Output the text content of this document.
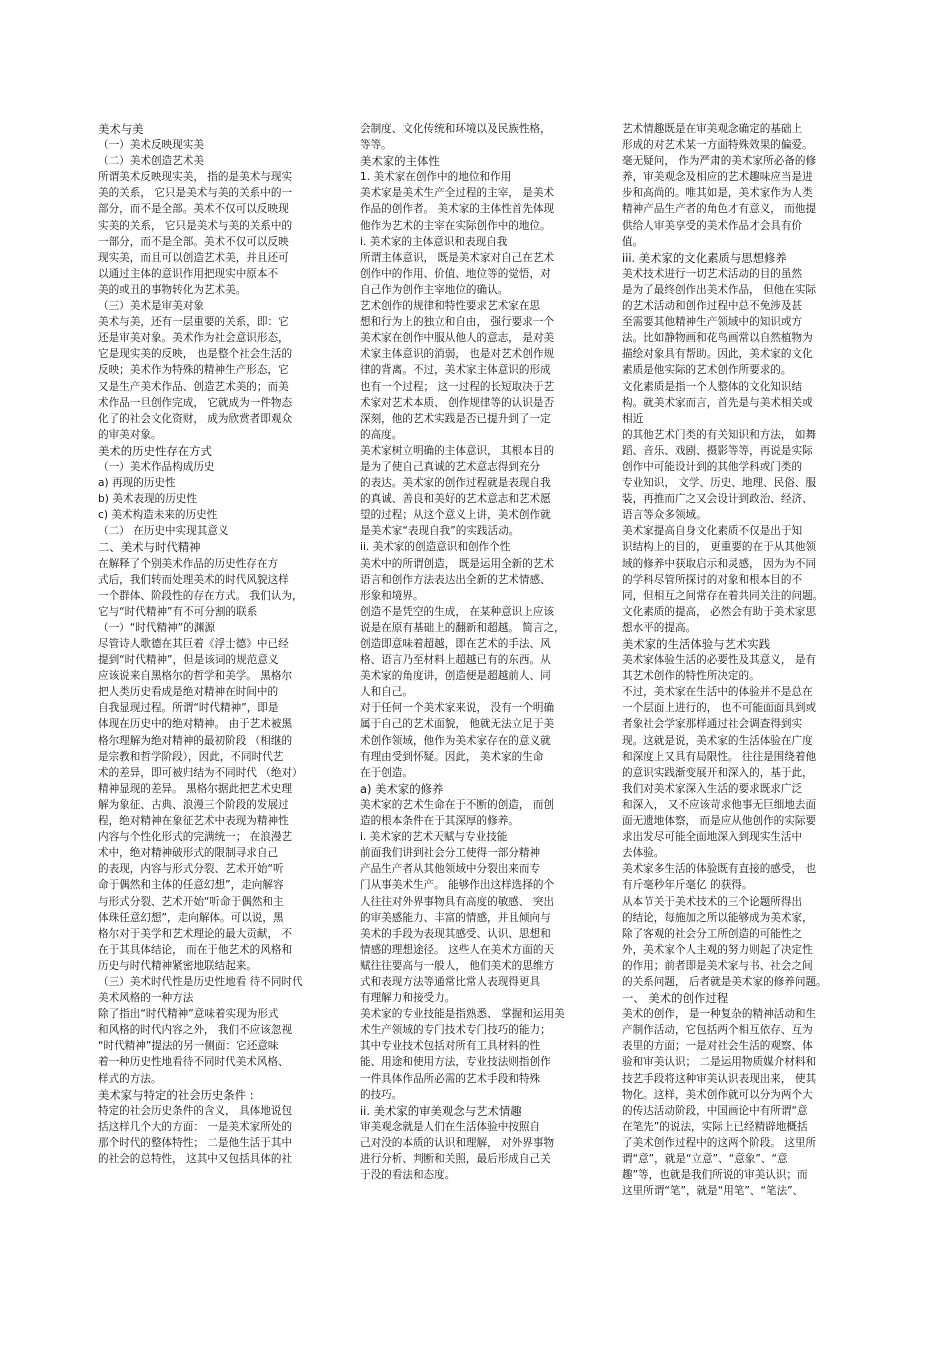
美术与美
（一）美术反映现实美
（二）美术创造艺术美
所谓美术反映现实美， 指的是美术与现实
美的关系， 它只是美术与美的关系中的一
部分，而不是全部。美术不仅可以反映现
实美的关系， 它只是美术与美的关系中的
一部分，而不是全部。美术不仅可以反映
现实美，而且可以创造艺术美，并且还可
以通过主体的意识作用把现实中原本不
美的或丑的事物转化为艺术美。
（三）美术是审美对象
美术与美，还有一层重要的关系，即：它
还是审美对象。美术作为社会意识形态，
它是现实美的反映， 也是整个社会生活的
反映；美术作为特殊的精神生产形态，它
又是生产美术作品、创造艺术美的；而美
术作品一旦创作完成， 它就成为一件物态
化了的社会文化资财， 成为欣赏者即观众
的审美对象。
美术的历史性存在方式
（一）美术作品构成历史
a) 再现的历史性
b) 美术表现的历史性
c) 美术构造未来的历史性
（二） 在历史中实现其意义
二、美术与时代精神
在解释了个别美术作品的历史性存在方
式后，我们转而处理美术的时代风貌这样
一个群体、阶段性的存在方式。 我们认为，
它与“时代精神”有不可分割的联系
（一）“时代精神”的渊源
尽管诗人歌德在其巨着《浮士德》中已经
提到“时代精神”，但是该词的规范意义
应该说来自黑格尔的哲学和美学。 黑格尔
把人类历史看成是绝对精神在时间中的
自我显现过程。所谓“时代精神”，即是
体现在历史中的绝对精神。 由于艺术被黑
格尔理解为绝对精神的最初阶段 （相继的
是宗教和哲学阶段），因此，不同时代艺
术的差异，即可被归结为不同时代 （绝对）
精神显现的差异。 黑格尔据此把艺术史理
解为象征、古典、浪漫三个阶段的发展过
程，绝对精神在象征艺术中表现为精神性
内容与个性化形式的完满统一； 在浪漫艺
术中，绝对精神破形式的限制寻求自己
的表现，内容与形式分裂、艺术开始“听
命于偶然和主体的任意幻想”，走向解容
与形式分裂、艺术开始“听命于偶然和主
体珠任意幻想”，走向解体。可以说，黑
格尔对于美学和艺术理论的最大贡献， 不
在于其具体结论， 而在于他艺术的风格和
历史与时代精神紧密地联结起来。
（三）美术时代性是历史性地看 待不同时代
美术风格的一种方法
除了指出“时代精神”意味着实现为形式
和风格的时代内容之外， 我们不应该忽视
“时代精神”提法的另一侧面：它还意味
着一种历史性地看待不同时代美术风格、
样式的方法。
美术家与特定的社会历史条件 :
特定的社会历史条件的含义， 具体地说包
括这样几个大的方面： 一是美术家所处的
那个时代的整体特性； 二是他生活于其中
的社会的总特性， 这其中又包括具体的社
会制度、文化传统和环境以及民族性格，
等等。
美术家的主体性
1. 美术家在创作中的地位和作用
美术家是美术生产全过程的主宰， 是美术
作品的创作者。 美术家的主体性首先体现
他作为艺术的主宰在实际创作中的地位。
i. 美术家的主体意识和表现自我
所谓主体意识， 既是美术家对自己在艺术
创作中的作用、价值、地位等的觉悟，对
自己作为创作主宰地位的确认。
艺术创作的规律和特性要求艺术家在思
想和行为上的独立和自由， 强行要求一个
美术家在创作中服从他人的意志， 是对美
术家主体意识的消弱， 也是对艺术创作规
律的背离。不过，美术家主体意识的形成
也有一个过程； 这一过程的长短取决于艺
术家对艺术本质、 创作规律等的认识是否
深刻，他的艺术实践是否已提升到了一定
的高度。
美术家树立明确的主体意识， 其根本目的
是为了使自己真诚的艺术意志得到充分
的表达。美术家的创作过程就是表现自我
的真诚、善良和美好的艺术意志和艺术愿
望的过程；从这个意义上讲，美术创作就
是美术家“表现自我”的实践活动。
ii. 美术家的创造意识和创作个性
美术中的所谓创造， 既是运用全新的艺术
语言和创作方法表达出全新的艺术情感、
形象和境界。
创造不是凭空的生成， 在某种意识上应该
说是在原有基础上的翻新和超越。 简言之，
创造即意味着超越，即在艺术的手法、风
格、语言乃至材料上超越已有的东西。从
美术家的角度讲，创造便是超越前人、同
人和自己。
对于任何一个美术家来说， 没有一个明确
属于自己的艺术面貌， 他就无法立足于美
术创作领域，他作为美术家存在的意义就
有理由受到怀疑。因此， 美术家的生命
在于创造。
a) 美术家的修养
美术家的艺术生命在于不断的创造， 而创
造的根本条件在于其深厚的修养。
i. 美术家的艺术天赋与专业技能
前面我们讲到社会分工使得一部分精神
产品生产者从其他领域中分裂出来而专
门从事美术生产。 能够作出这样选择的个
人往往对外界事物具有高度的敏感、 突出
的审美感能力、丰富的情感，并且倾向与
美术的手段为表现其感受、认识、思想和
情感的理想途径。 这些人在美术方面的天
赋往往要高与一般人， 他们美术的思维方
式和表现方法等通常比常人表现得更具
有理解力和接受力。
美术家的专业技能是指熟悉、 掌握和运用美
术生产领域的专门技术专门技巧的能力；
其中专业技术包括对所有工具材料的性
能、用途和使用方法，专业技法则指创作
一件具体作品所必需的艺术手段和特殊
的技巧。
ii. 美术家的审美观念与艺术情趣
审美观念就是人们在生活体验中按照自
己对没的本质的认识和理解， 对外界事物
进行分析、判断和关照，最后形成自己关
于没的看法和态度。
艺术情趣既是在审美观念确定的基础上
形成的对艺术某一方面特殊效果的偏爱。
毫无疑问， 作为严肃的美术家所必备的修
养，审美观念及相应的艺术趣味应当是进
步和高尚的。唯其如是，美术家作为人类
精神产品生产者的角色才有意义， 而他提
供给人审美享受的美术作品才会具有价
值。
iii. 美术家的文化素质与思想修养
美术技术进行一切艺术活动的目的虽然
是为了最终创作出美术作品， 但他在实际
的艺术活动和创作过程中总不免涉及甚
至需要其他精神生产领域中的知识或方
法。比如静物画和花鸟画常以自然植物为
描绘对象具有帮助。因此，美术家的文化
素质是他实际的艺术创作所要求的。
文化素质是指一个人整体的文化知识结
构。就美术家而言，首先是与美术相关或
相近
的其他艺术门类的有关知识和方法， 如舞
蹈、音乐、戏剧、摄影等等，再说是实际
创作中可能设计到的其他学科或门类的
专业知识， 文学、历史、地理、民俗、服
装，再推而广之又会设计到政治、经济、
语言等众多领域。
美术家提高自身文化素质不仅是出于知
识结构上的目的， 更重要的在于从其他领
域的修养中获取启示和灵感， 因为为不同
的学科尽管所探讨的对象和根本目的不
同，但相互之间常存在着共同关注的问题。
文化素质的提高， 必然会有助于美术家思
想水平的提高。
美术家的生活体验与艺术实践
美术家体验生活的必要性及其意义， 是有
其艺术创作的特性所决定的。
不过，美术家在生活中的体验并不是总在
一个层面上进行的， 也不可能面面具到或
者象社会学家那样通过社会调查得到实
现。这就是说，美术家的生活体验在广度
和深度上又具有局限性。 往往是围绕着他
的意识实践渐变展开和深入的，基于此，
我们对美术家深入生活的要求既求广泛
和深入， 又不应该苛求他事无巨细地去面
面无遗地体察， 而是应从他创作的实际要
求出发尽可能全面地深入到现实生活中
去体验。
美术家多生活的体验既有直接的感受， 也
有斤毫秒年斤毫亿 的获得。
从本节关于美术技术的三个论题所得出
的结论，每施加之所以能够成为美术家，
除了客观的社会分工所创造的可能性之
外，美术家个人主观的努力则起了决定性
的作用；前者即是美术家与书、社会之间
的关系问题， 后者就是美术家的修养问题。
一、 美术的创作过程
美术的创作， 是一种复杂的精神活动和生
产制作活动，它包括两个相互依存、互为
表里的方面；一是对社会生活的观察、体
验和审美认识； 二是运用物质媒介材料和
技艺手段将这种审美认识表现出来， 使其
物化。这样，美术创作就可以分为两个大
的传达活动阶段，中国画论中有所谓“意
在笔先”的说法，实际上已经精辟地概括
了美术创作过程中的这两个阶段。 这里所
谓“意”，就是“立意”、“意象”、“意
趣”等，也就是我们所说的审美认识；而
这里所谓“笔”，就是“用笔”、“笔法”、
